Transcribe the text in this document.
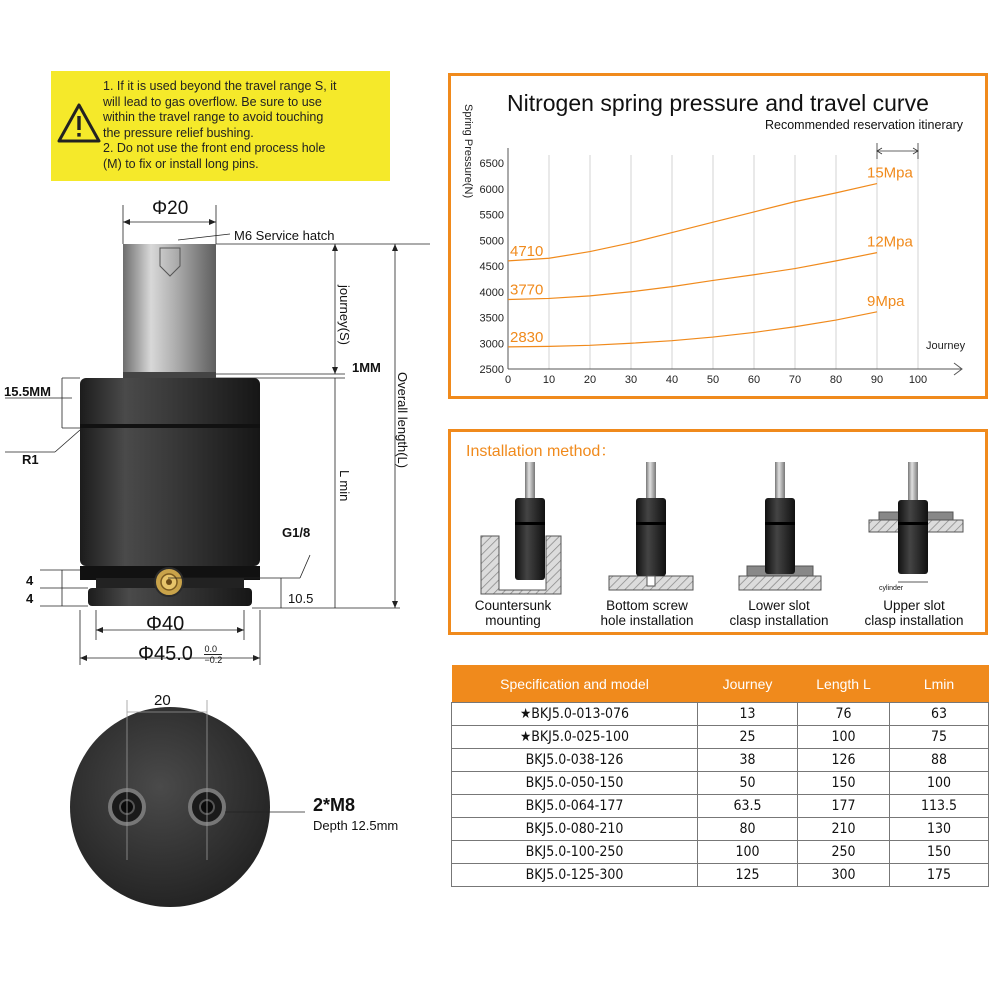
1. If it is used beyond the travel range S, it
will lead to gas overflow. Be sure to use
within the travel range to avoid touching
the pressure relief bushing.
2. Do not use the front end process hole
(M) to fix or install long pins.
Φ20
M6 Service hatch
journey(S)
Overall length(L)
1MM
15.5MM
R1
L min
G1/8
4
4	10.5
Φ40
$\Phi 45.0 \frac{0.0}{-0.2}$
20
2*M8
Depth 12.5mm
Nitrogen spring pressure and travel curve
Recommended reservation itinerary
2500
3000
3500
4000
4500
5000
5500
6000
6500
0	10	20	30	40	50	60	70	80	90 100
Journey
Spring Pressure(N)	15Mpa
4710
12Mpa
3770
9Mpa
2830
Installation method：
cylinder
Countersunk
mounting
Bottom screw
hole installation
Lower slot
clasp installation
Upper slot
clasp installation
Specification and model	Journey	Length L	Lmin
★BKJ5.0-013-076	13	76	63
★BKJ5.0-025-100	25	100	75
BKJ5.0-038-126	38	126	88
BKJ5.0-050-150	50	150	100
BKJ5.0-064-177	63.5	177	113.5
BKJ5.0-080-210	80	210	130
BKJ5.0-100-250	100	250	150
BKJ5.0-125-300	125	300	175
